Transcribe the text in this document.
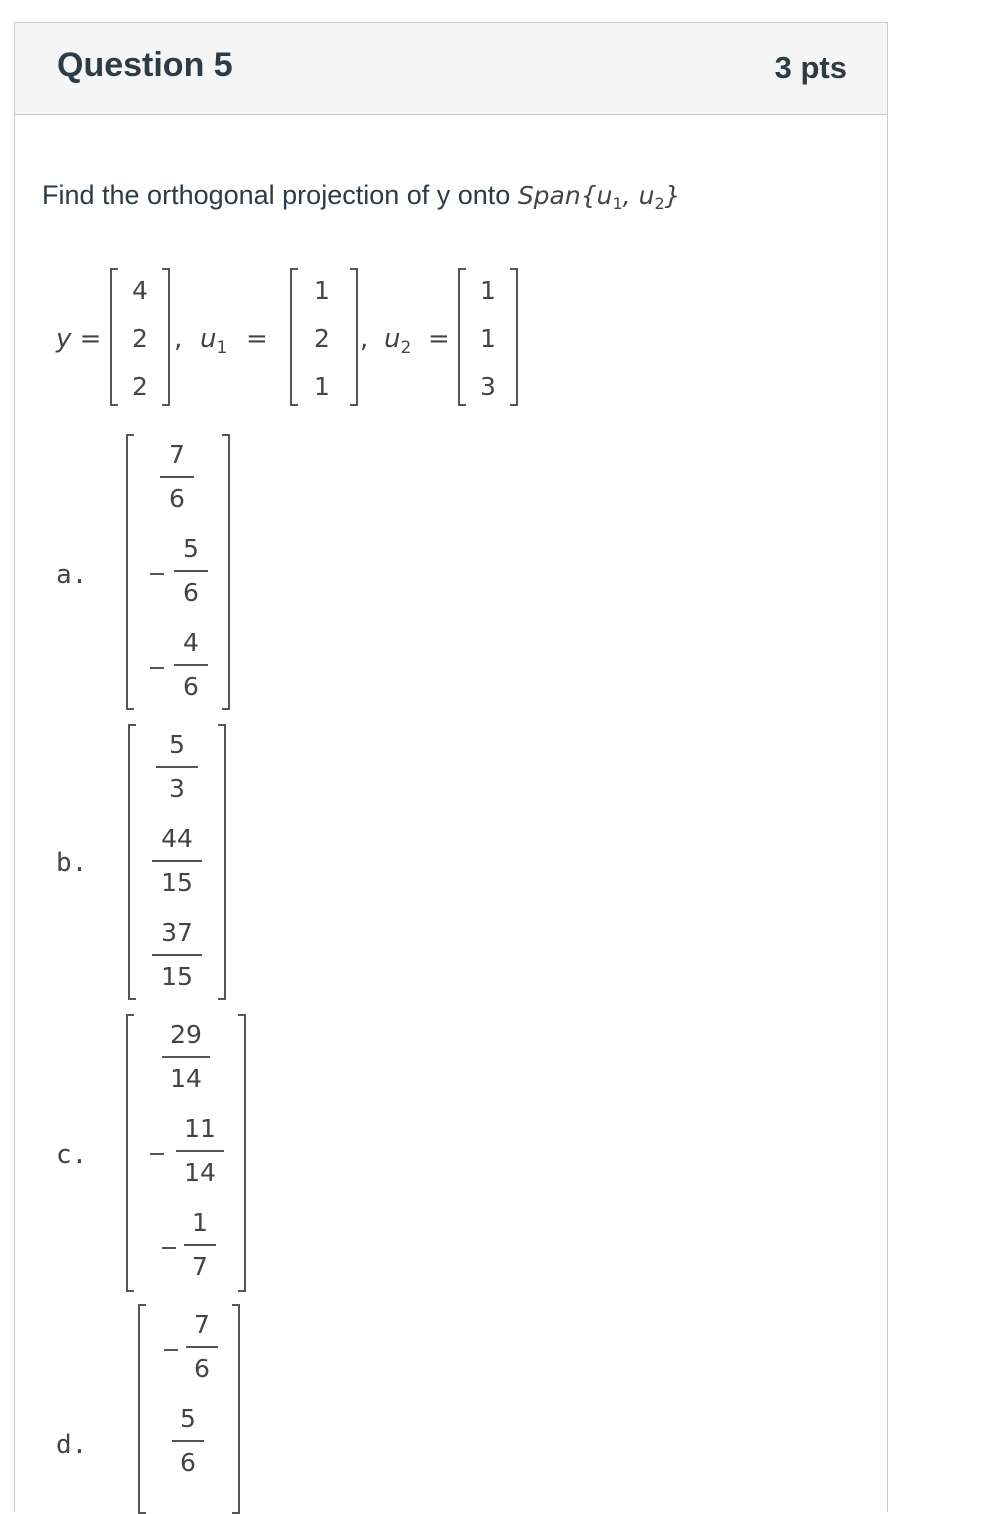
Question 5	3 pts
Find the orthogonal projection of y onto $Span\{u_1$, $u_2$}
y =
4
2
2
, $u_1$ =
1
2
1
, $u_2$ =
1
1
3
a.
7
6
5
6
4
6
b.
5
3
44
15
37
15
c.
29
14
11
14
1
7
d.
7
6
5
6
